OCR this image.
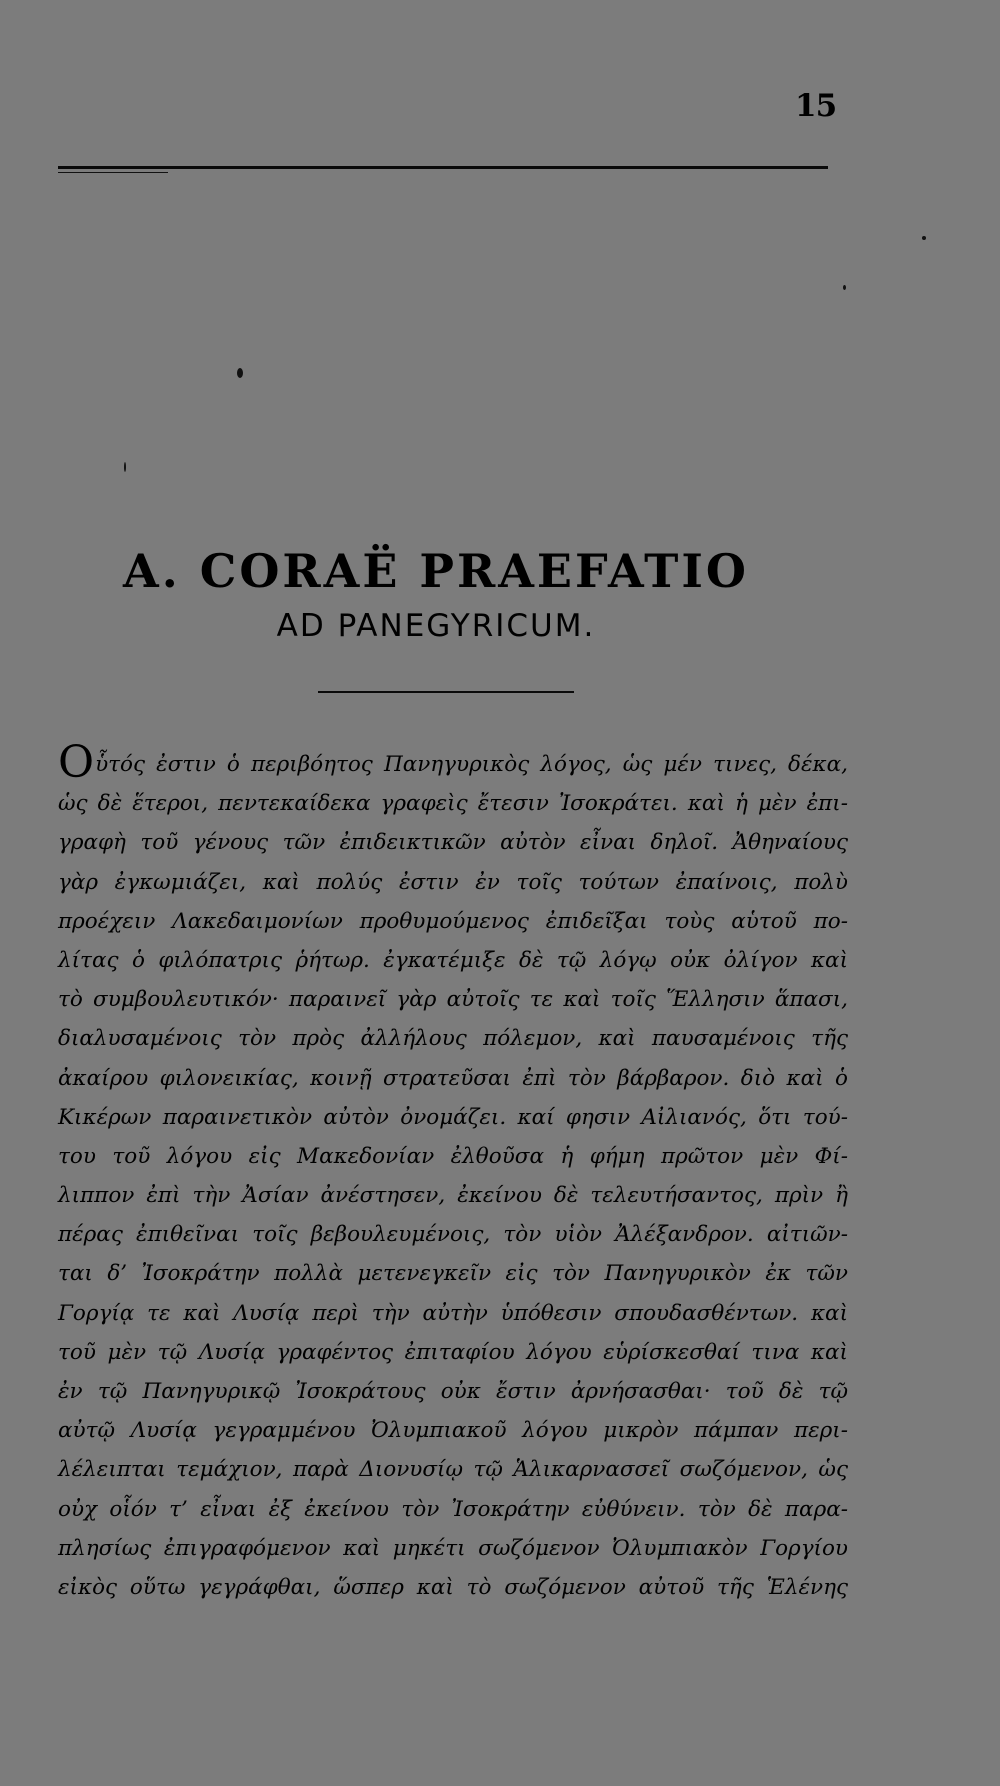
15
A. CORAË PRAEFATIO
AD PANEGYRICUM.
Oὗτός ἐστιν ὁ περιβόητος Πανηγυρικὸς λόγος, ὡς μέν τινες, δέκα,
ὡς δὲ ἕτεροι, πεντεκαίδεκα γραφεὶς ἔτεσιν Ἰσοκράτει. καὶ ἡ μὲν ἐπι-
γραφὴ τοῦ γένους τῶν ἐπιδεικτικῶν αὐτὸν εἶναι δηλοῖ. Ἀθηναίους
γὰρ ἐγκωμιάζει, καὶ πολύς ἐστιν ἐν τοῖς τούτων ἐπαίνοις, πολὺ
προέχειν Λακεδαιμονίων προθυμούμενος ἐπιδεῖξαι τοὺς αὑτοῦ πο-
λίτας ὁ φιλόπατρις ῥήτωρ. ἐγκατέμιξε δὲ τῷ λόγῳ οὐκ ὀλίγον καὶ
τὸ συμβουλευτικόν· παραινεῖ γὰρ αὐτοῖς τε καὶ τοῖς Ἕλλησιν ἅπασι,
διαλυσαμένοις τὸν πρὸς ἀλλήλους πόλεμον, καὶ παυσαμένοις τῆς
ἀκαίρου φιλονεικίας, κοινῇ στρατεῦσαι ἐπὶ τὸν βάρβαρον. διὸ καὶ ὁ
Κικέρων παραινετικὸν αὐτὸν ὀνομάζει. καί φησιν Αἰλιανός, ὅτι τού-
του τοῦ λόγου εἰς Μακεδονίαν ἐλθοῦσα ἡ φήμη πρῶτον μὲν Φί-
λιππον ἐπὶ τὴν Ἀσίαν ἀνέστησεν, ἐκείνου δὲ τελευτήσαντος, πρὶν ἢ
πέρας ἐπιθεῖναι τοῖς βεβουλευμένοις, τὸν υἱὸν Ἀλέξανδρον. αἰτιῶν-
ται δ’ Ἰσοκράτην πολλὰ μετενεγκεῖν εἰς τὸν Πανηγυρικὸν ἐκ τῶν
Γοργίᾳ τε καὶ Λυσίᾳ περὶ τὴν αὐτὴν ὑπόθεσιν σπουδασθέντων. καὶ
τοῦ μὲν τῷ Λυσίᾳ γραφέντος ἐπιταφίου λόγου εὑρίσκεσθαί τινα καὶ
ἐν τῷ Πανηγυρικῷ Ἰσοκράτους οὐκ ἔστιν ἀρνήσασθαι· τοῦ δὲ τῷ
αὐτῷ Λυσίᾳ γεγραμμένου Ὀλυμπιακοῦ λόγου μικρὸν πάμπαν περι-
λέλειπται τεμάχιον, παρὰ Διονυσίῳ τῷ Ἁλικαρνασσεῖ σωζόμενον, ὡς
οὐχ οἷόν τ’ εἶναι ἐξ ἐκείνου τὸν Ἰσοκράτην εὐθύνειν. τὸν δὲ παρα-
πλησίως ἐπιγραφόμενον καὶ μηκέτι σωζόμενον Ὀλυμπιακὸν Γοργίου
εἰκὸς οὕτω γεγράφθαι, ὥσπερ καὶ τὸ σωζόμενον αὐτοῦ τῆς Ἑλένης
